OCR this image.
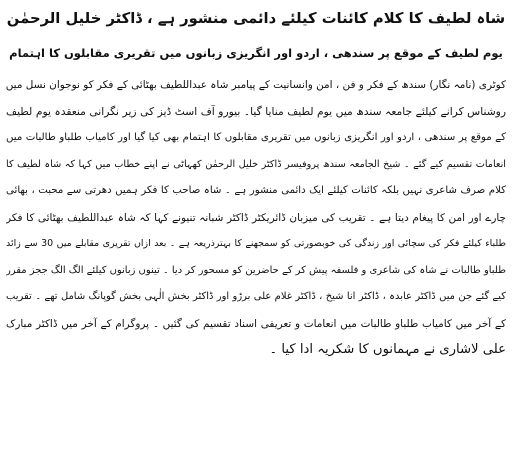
شاہ لطیف کا کلام کائنات کیلئے دائمی منشور ہے ، ڈاکٹر خلیل الرحمٰن
یوم لطیف کے موقع پر سندھی ، اردو اور انگریزی زبانوں میں تقریری مقابلوں کا اہتمام
کوٹری (نامہ نگار) سندھ کے فکر و فن ، امن وانسانیت کے پیامبر شاہ عبداللطیف بھٹائی کے فکر کو نوجوان نسل میں
روشناس کرانے کیلئے جامعہ سندھ میں یوم لطیف منایا گیا۔ بیورو آف اسٹ ڈیز کی زیر نگرانی منعقدہ یوم لطیف
کے موقع پر سندھی ، اردو اور انگریزی زبانوں میں تقریری مقابلوں کا اہتمام بھی کیا گیا اور کامیاب طلباو طالبات میں
انعامات تقسیم کیے گئے ۔ شیخ الجامعہ سندھ پروفیسر ڈاکٹر خلیل الرحمٰن کھہاٹی نے اپنے خطاب میں کہا کہ شاہ لطیف کا
کلام صرف شاعری نہیں بلکہ کائنات کیلئے ایک دائمی منشور ہے ۔ شاہ صاحب کا فکر ہمیں دھرتی سے محبت ، بھائی
چارے اور امن کا پیغام دیتا ہے ۔ تقریب کی میزبان ڈائریکٹر ڈاکٹر شبانہ تنیونے کہا کہ شاہ عبداللطیف بھٹائی کا فکر
طلباء کیلئے فکر کی سچائی اور زندگی کی خوبصورتی کو سمجھنے کا بہترذریعہ ہے ۔ بعد ازاں تقریری مقابلے میں 30 سے زائد
طلباو طالبات نے شاہ کی شاعری و فلسفہ پیش کر کے حاضرین کو مسحور کر دیا ۔ تینوں زبانوں کیلئے الگ الگ ججز مقرر
کیے گئے جن میں ڈاکٹر عابدہ ، ڈاکٹر انا شیخ ، ڈاکٹر غلام علی برڑو اور ڈاکٹر بخش الٰہی بخش گوپانگ شامل تھے ۔ تقریب
کے آخر میں کامیاب طلباو طالبات میں انعامات و تعریفی اسناد تقسیم کی گئیں ۔ پروگرام کے آخر میں ڈاکٹر مبارک
علی لاشاری نے مہمانوں کا شکریہ ادا کیا ۔
